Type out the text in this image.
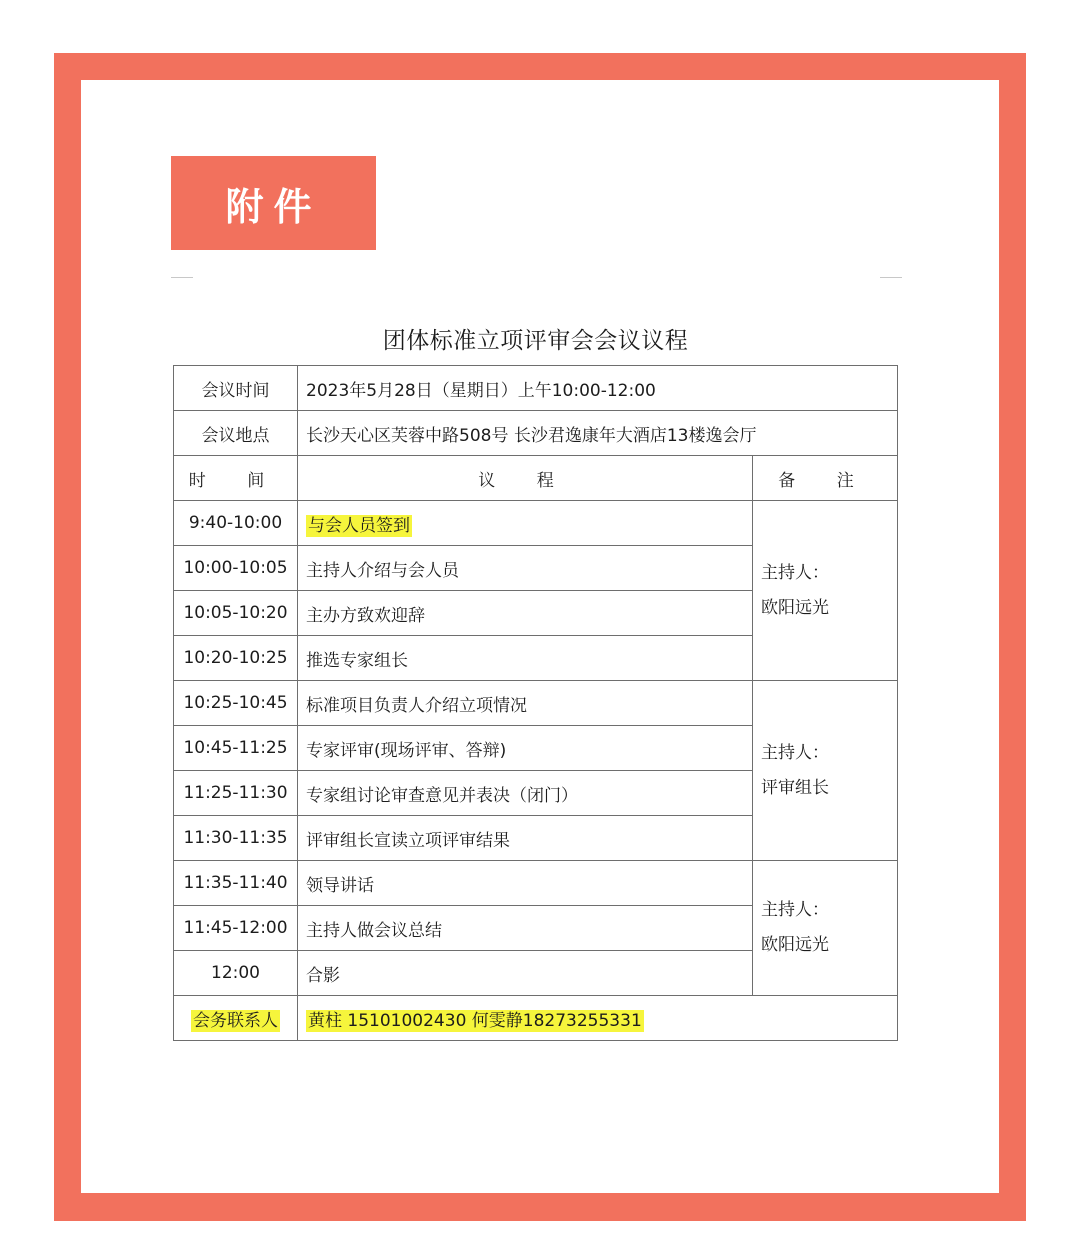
附件
团体标准立项评审会会议议程
会议时间	2023年5月28日（星期日）上午10:00-12:00	
会议地点	长沙天心区芙蓉中路508号 长沙君逸康年大酒店13楼逸会厅	
时 间	议 程	备 注
9:40-10:00	与会人员签到	主持人：
欧阳远光

10:00-10:05	主持人介绍与会人员	
10:05-10:20	主办方致欢迎辞	
10:20-10:25	推选专家组长	
10:25-10:45	标准项目负责人介绍立项情况	主持人：
评审组长

10:45-11:25	专家评审(现场评审、答辩)	
11:25-11:30	专家组讨论审查意见并表决（闭门）	
11:30-11:35	评审组长宣读立项评审结果	
11:35-11:40	领导讲话	主持人：
欧阳远光

11:45-12:00	主持人做会议总结	
12:00	合影	
会务联系人	黄柱 15101002430 何雯静18273255331	
